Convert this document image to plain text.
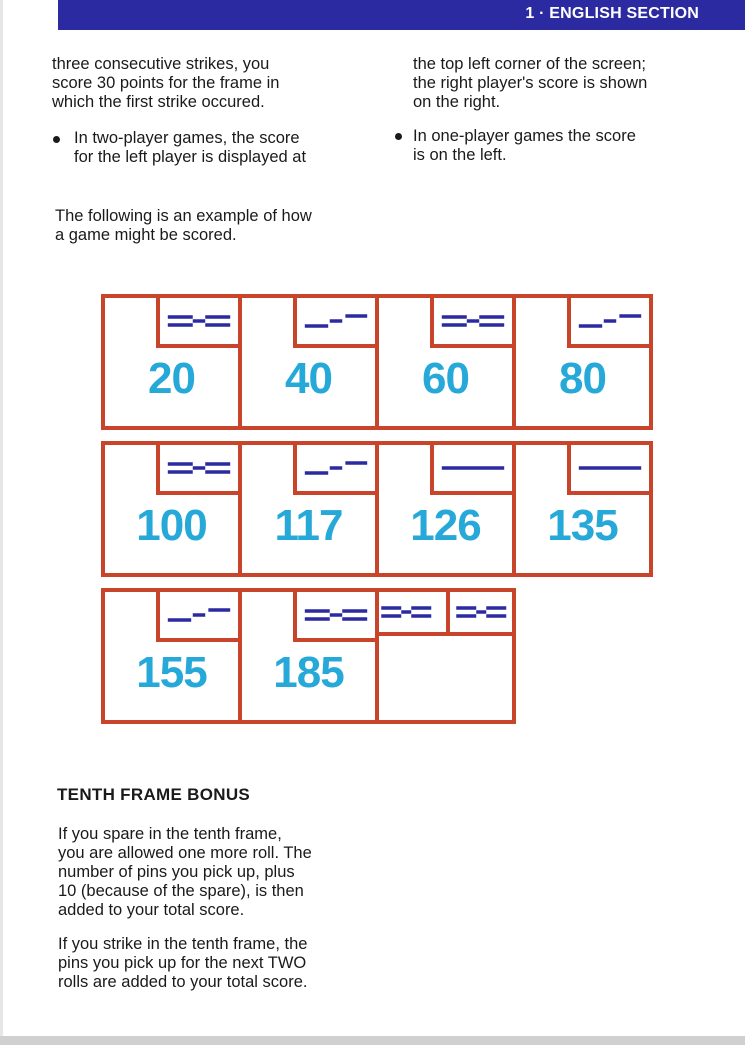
1 · ENGLISH SECTION
three consecutive strikes, you
score 30 points for the frame in
which the first strike occured.
In two-player games, the score
for the left player is displayed at
the top left corner of the screen;
the right player's score is shown
on the right.
In one-player games the score
is on the left.
The following is an example of how
a game might be scored.
20	40	60	80
100	117	126	135
155	185
TENTH FRAME BONUS
If you spare in the tenth frame,
you are allowed one more roll. The
number of pins you pick up, plus
10 (because of the spare), is then
added to your total score.
If you strike in the tenth frame, the
pins you pick up for the next TWO
rolls are added to your total score.
